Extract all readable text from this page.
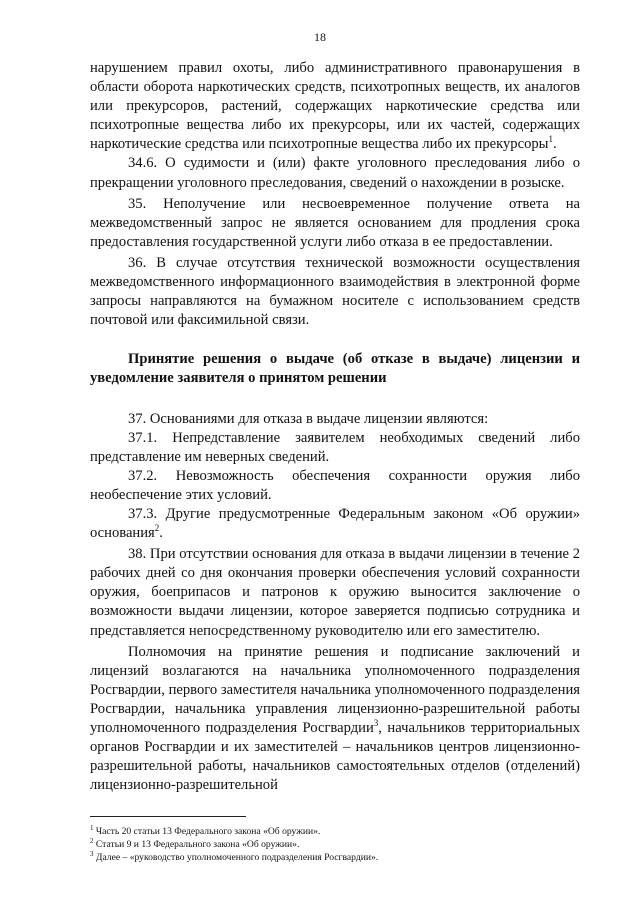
18

нарушением правил охоты, либо административного правонарушения в области оборота наркотических средств, психотропных веществ, их аналогов или прекурсоров, растений, содержащих наркотические средства или психотропные вещества либо их прекурсоры, или их частей, содержащих наркотические средства или психотропные вещества либо их прекурсоры$^1$.

34.6. О судимости и (или) факте уголовного преследования либо о прекращении уголовного преследования, сведений о нахождении в розыске.

35. Неполучение или несвоевременное получение ответа на межведомственный запрос не является основанием для продления срока предоставления государственной услуги либо отказа в ее предоставлении.

36. В случае отсутствия технической возможности осуществления межведомственного информационного взаимодействия в электронной форме запросы направляются на бумажном носителе с использованием средств почтовой или факсимильной связи.

Принятие решения о выдаче (об отказе в выдаче) лицензии и уведомление заявителя о принятом решении

37. Основаниями для отказа в выдаче лицензии являются:

37.1. Непредставление заявителем необходимых сведений либо представление им неверных сведений.

37.2. Невозможность обеспечения сохранности оружия либо необеспечение этих условий.

37.3. Другие предусмотренные Федеральным законом «Об оружии» основания$^2$.

38. При отсутствии основания для отказа в выдачи лицензии в течение 2 рабочих дней со дня окончания проверки обеспечения условий сохранности оружия, боеприпасов и патронов к оружию выносится заключение о возможности выдачи лицензии, которое заверяется подписью сотрудника и представляется непосредственному руководителю или его заместителю.

Полномочия на принятие решения и подписание заключений и лицензий возлагаются на начальника уполномоченного подразделения Росгвардии, первого заместителя начальника уполномоченного подразделения Росгвардии, начальника управления лицензионно-разрешительной работы уполномоченного подразделения Росгвардии$^3$, начальников территориальных органов Росгвардии и их заместителей – начальников центров лицензионно-разрешительной работы, начальников самостоятельных отделов (отделений) лицензионно-разрешительной

$^1$ Часть 20 статьи 13 Федерального закона «Об оружии».

$^2$ Статьи 9 и 13 Федерального закона «Об оружии».

$^3$ Далее – «руководство уполномоченного подразделения Росгвардии».
